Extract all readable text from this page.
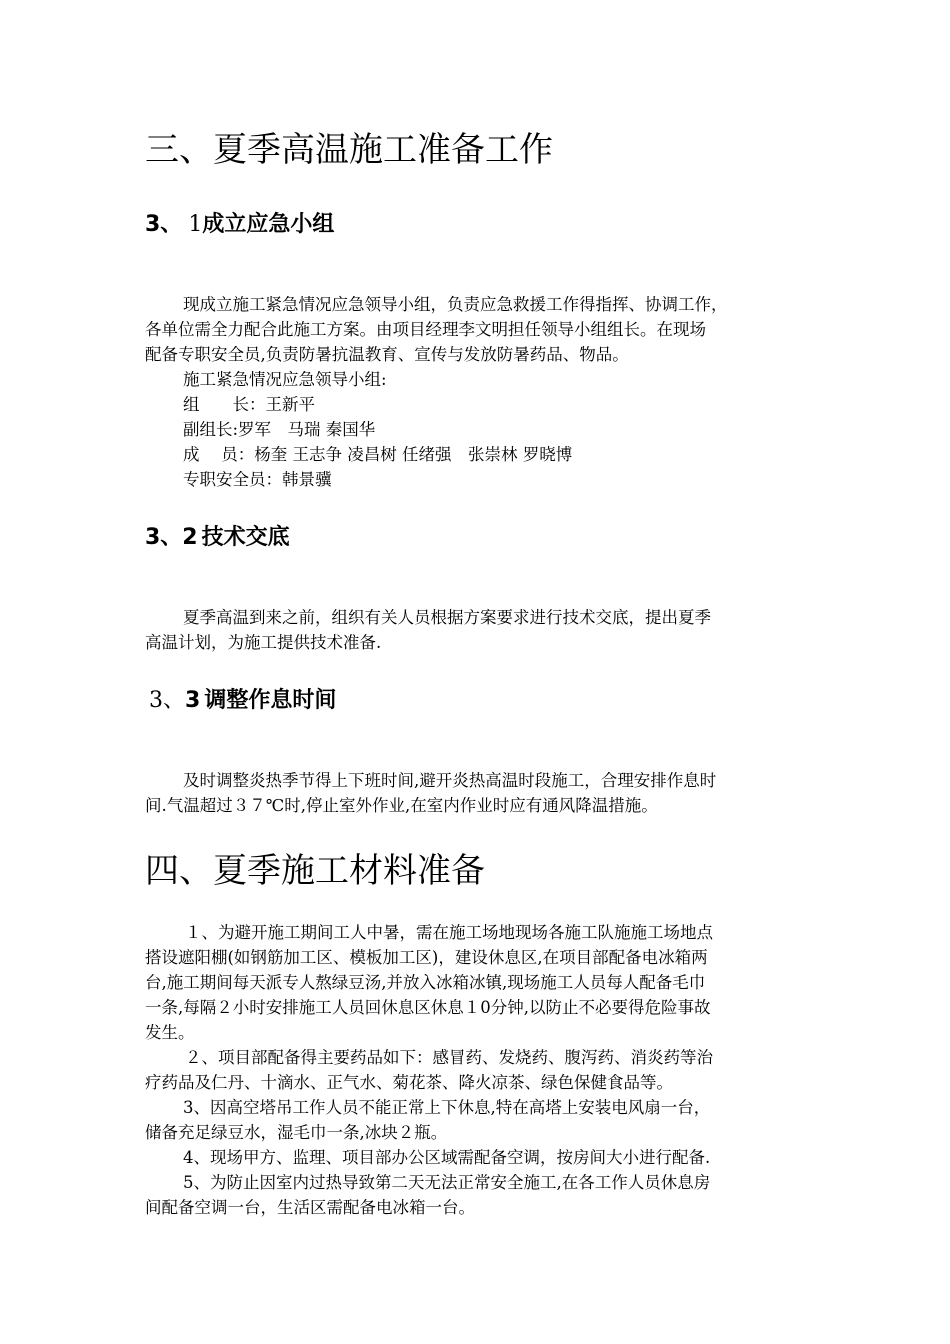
三、夏季高温施工准备工作
3、 1成立应急小组
现成立施工紧急情况应急领导小组，负责应急救援工作得指挥、协调工作，
各单位需全力配合此施工方案。由项目经理李文明担任领导小组组长。在现场
配备专职安全员,负责防暑抗温教育、宣传与发放防暑药品、物品。
施工紧急情况应急领导小组:
组　　长：王新平
副组长:罗军　马瑞 秦国华
成　 员：杨奎 王志争 凌昌树 任绪强　张崇林 罗晓博
专职安全员：韩景骥
3、2 技术交底
夏季高温到来之前，组织有关人员根据方案要求进行技术交底，提出夏季
高温计划，为施工提供技术准备.
3、3 调整作息时间
及时调整炎热季节得上下班时间,避开炎热高温时段施工，合理安排作息时
间.气温超过３７℃时,停止室外作业,在室内作业时应有通风降温措施。
四、夏季施工材料准备
１、为避开施工期间工人中暑，需在施工场地现场各施工队施施工场地点
搭设遮阳棚(如钢筋加工区、模板加工区)，建设休息区,在项目部配备电冰箱两
台,施工期间每天派专人熬绿豆汤,并放入冰箱冰镇,现场施工人员每人配备毛巾
一条,每隔２小时安排施工人员回休息区休息１0分钟,以防止不必要得危险事故
发生。
２、项目部配备得主要药品如下：感冒药、发烧药、腹泻药、消炎药等治
疗药品及仁丹、十滴水、正气水、菊花茶、降火凉茶、绿色保健食品等。
3、因高空塔吊工作人员不能正常上下休息,特在高塔上安装电风扇一台，
储备充足绿豆水，湿毛巾一条,冰块２瓶。
4、现场甲方、监理、项目部办公区域需配备空调，按房间大小进行配备.
5、为防止因室内过热导致第二天无法正常安全施工,在各工作人员休息房
间配备空调一台，生活区需配备电冰箱一台。
